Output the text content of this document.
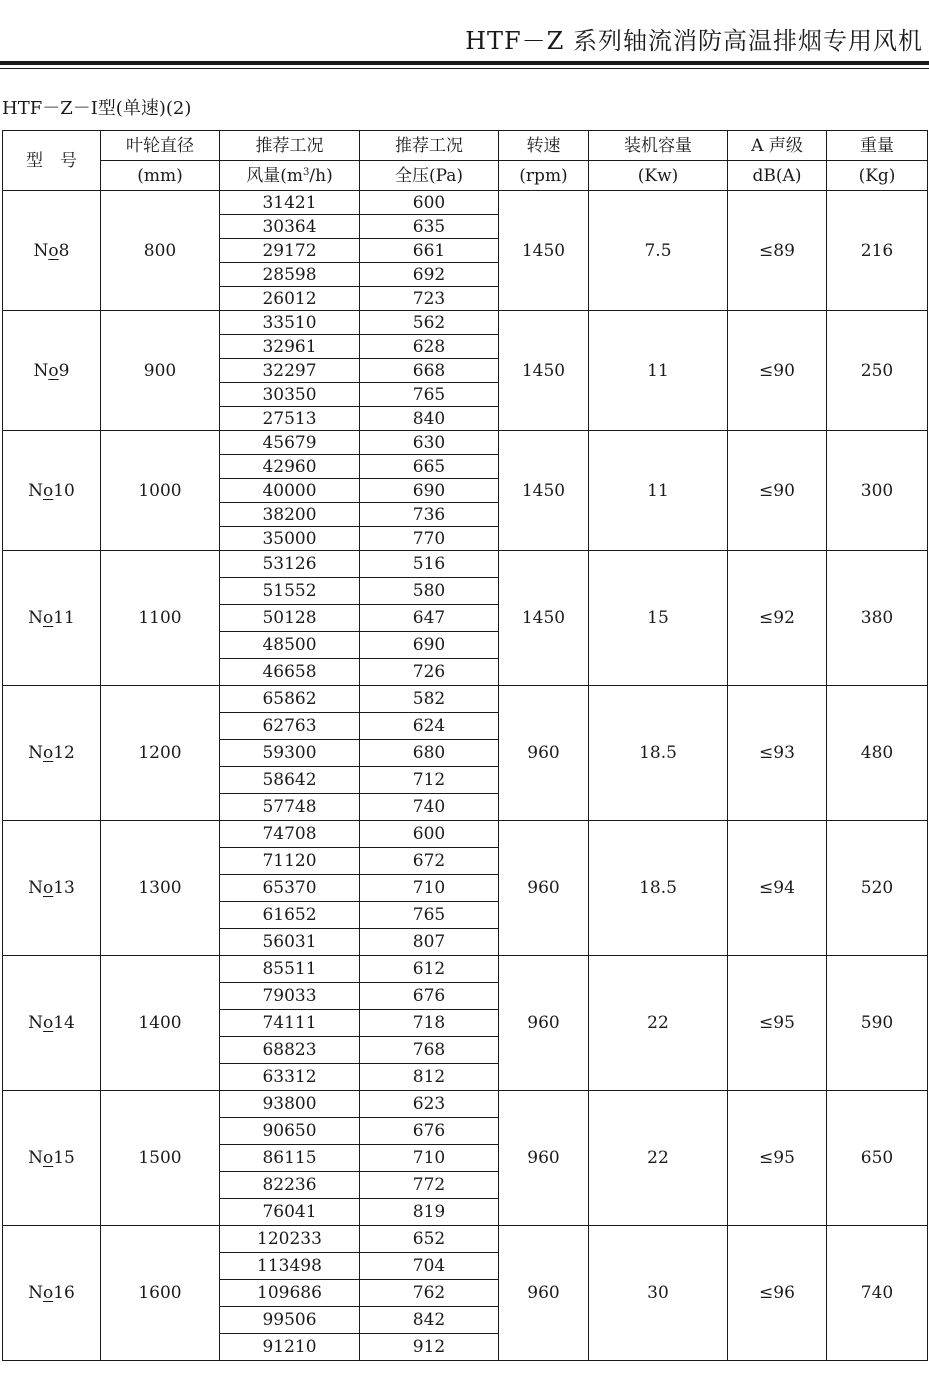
HTF－Z 系列轴流消防高温排烟专用风机
HTF－Z－Ⅰ型(单速)(2)
型　号	叶轮直径	推荐工况	推荐工况	转速	装机容量	A 声级	重量
	(mm)	风量$(m^3/h)$	全压(Pa)	(rpm)	(Kw)	dB(A)	(Kg)
No8	800	31421	600	1450	7.5	≤89	216
		30364	635				
		29172	661				
		28598	692				
		26012	723				
No9	900	33510	562	1450	11	≤90	250
		32961	628				
		32297	668				
		30350	765				
		27513	840				
No10	1000	45679	630	1450	11	≤90	300
		42960	665				
		40000	690				
		38200	736				
		35000	770				
No11	1100	53126	516	1450	15	≤92	380
		51552	580				
		50128	647				
		48500	690				
		46658	726				
No12	1200	65862	582	960	18.5	≤93	480
		62763	624				
		59300	680				
		58642	712				
		57748	740				
No13	1300	74708	600	960	18.5	≤94	520
		71120	672				
		65370	710				
		61652	765				
		56031	807				
No14	1400	85511	612	960	22	≤95	590
		79033	676				
		74111	718				
		68823	768				
		63312	812				
No15	1500	93800	623	960	22	≤95	650
		90650	676				
		86115	710				
		82236	772				
		76041	819				
No16	1600	120233	652	960	30	≤96	740
		113498	704				
		109686	762				
		99506	842				
		91210	912				
